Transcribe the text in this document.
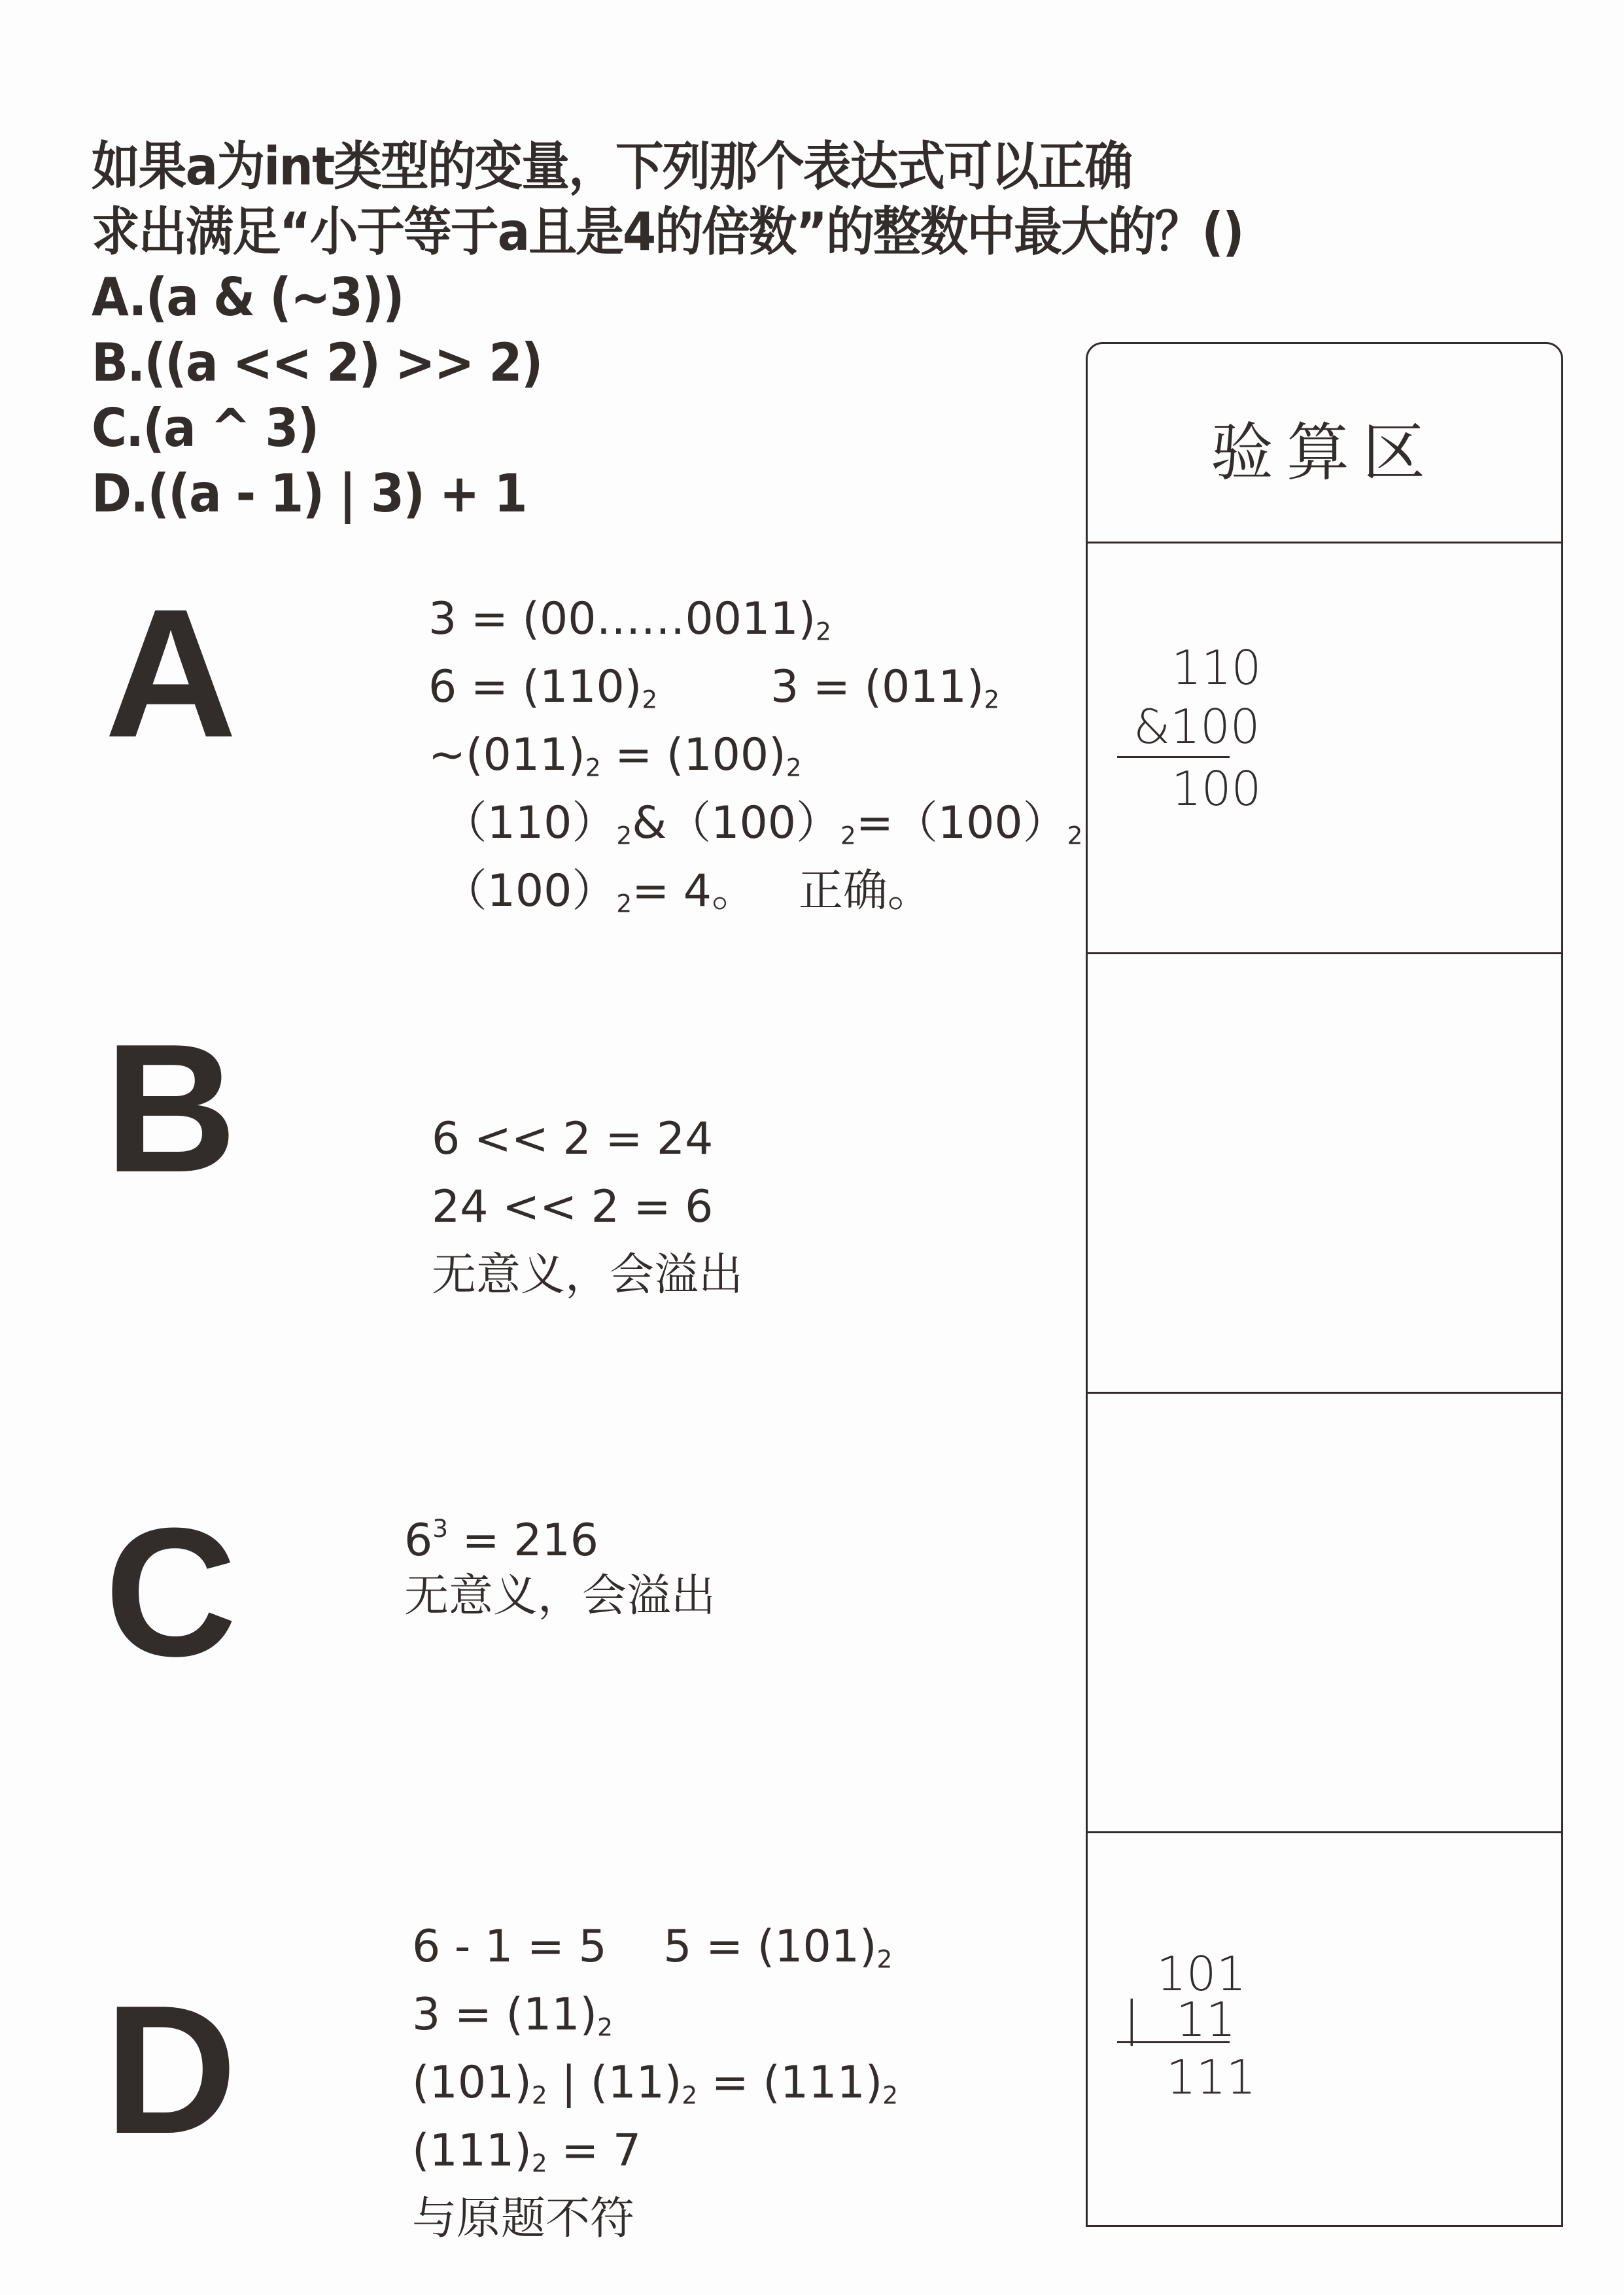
如果a为int类型的变量，下列那个表达式可以正确
求出满足“小于等于a且是4的倍数”的整数中最大的？()
A.(a & (~3))
B.((a << 2) >> 2)
C.(a ^ 3)
D.((a - 1) | 3) + 1
A
B
C
D
$3 = (00\dots\dots 0011)_2$
$6 = (110)_2$        $3 = (011)_2$
$\sim(011)_2 = (100)_2$
$(110)_2\&(100)_2=(100)_2$
$(100)_2= 4$。   正确。
6 << 2 = 24
24 << 2 = 6
无意义，会溢出
$6^3 = 216$
无意义，会溢出
6 - 1 = 5    $5 = (101)_2$
$3 = (11)_2$
$(101)_2$ | $(11)_2 = (111)_2$
$(111)_2 = 7$
与原题不符
验算区
110
&100
100
101
| 11
111
